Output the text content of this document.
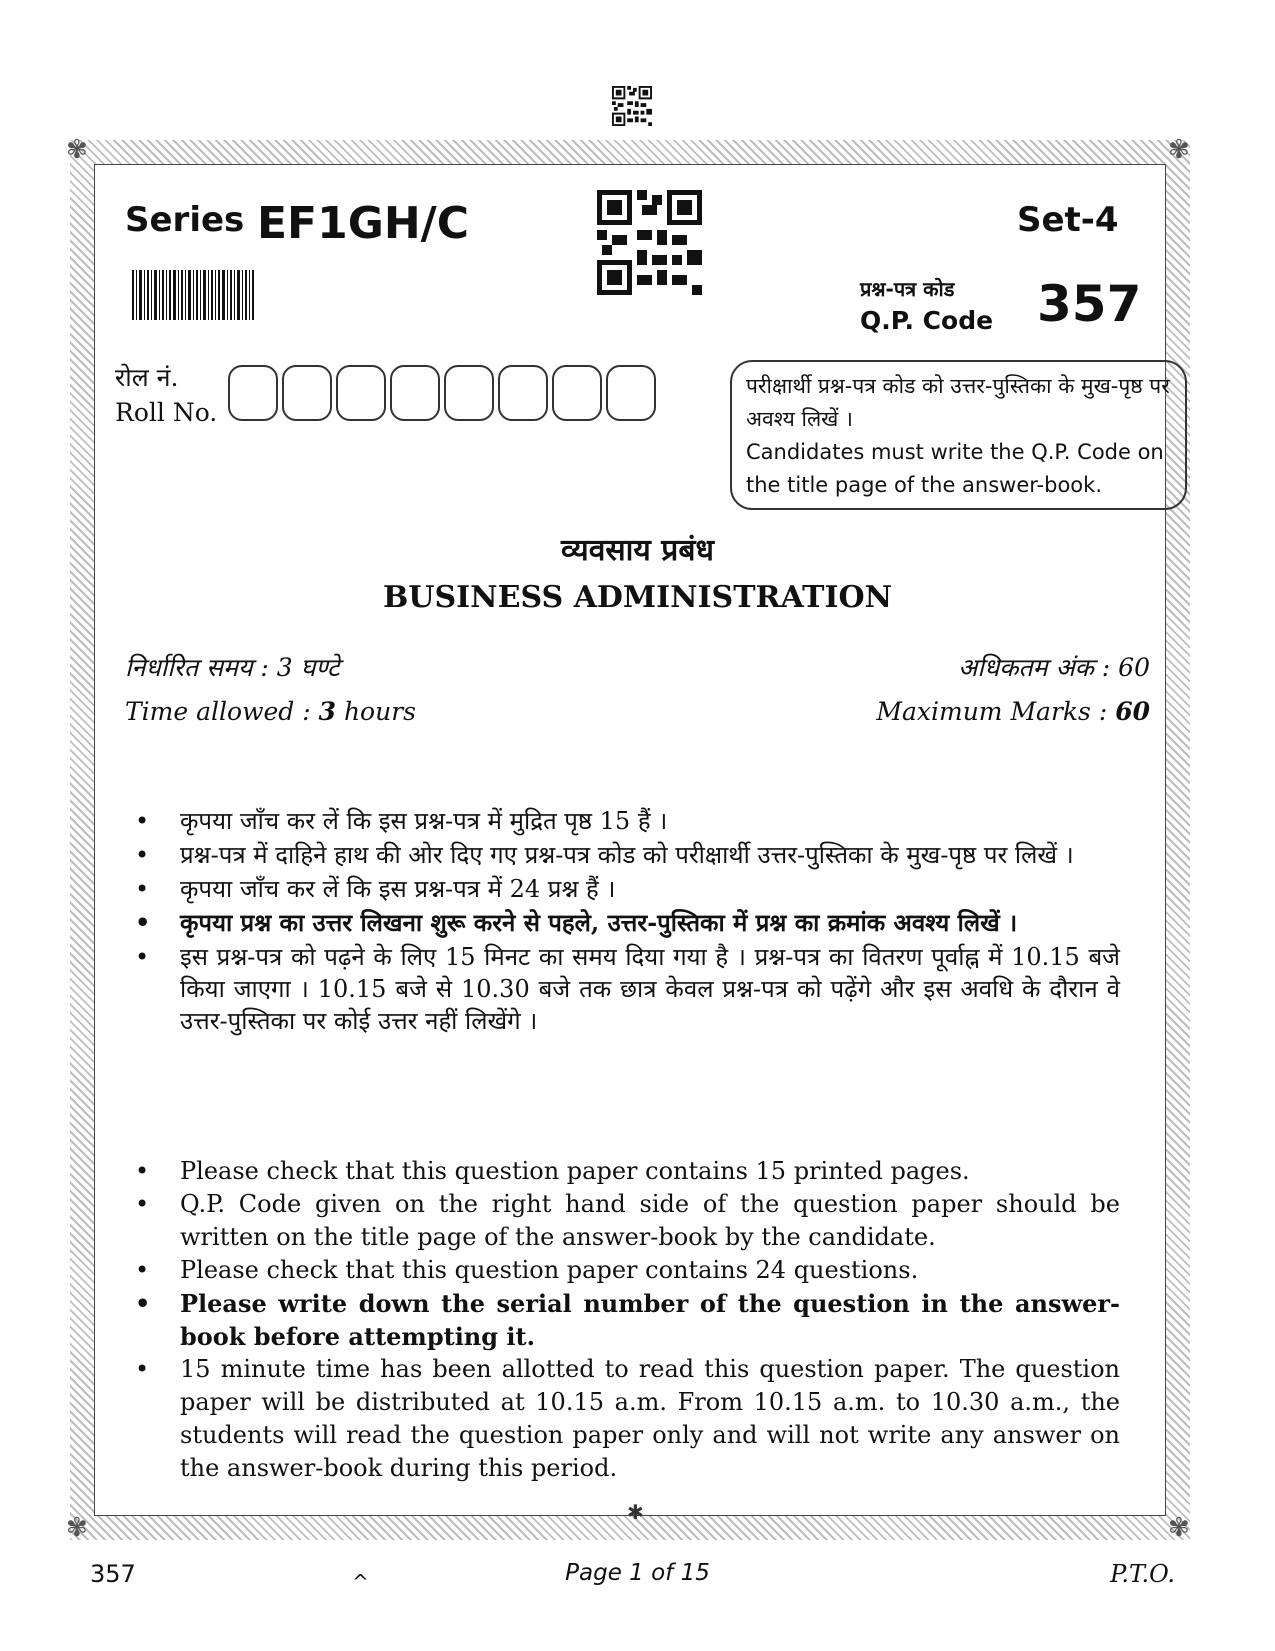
✾	✾
✾	✾
✱
Series EF1GH/C	Set-4
प्रश्न-पत्र कोड
Q.P. Code 357
रोल नं.
Roll No.
परीक्षार्थी प्रश्न-पत्र कोड को उत्तर-पुस्तिका के मुख-पृष्ठ पर अवश्य लिखें ।
Candidates must write the Q.P. Code on the title page of the answer-book.
व्यवसाय प्रबंध
BUSINESS ADMINISTRATION
निर्धारित समय : 3 घण्टे
Time allowed : 3 hours
अधिकतम अंक : 60
Maximum Marks : 60
• कृपया जाँच कर लें कि इस प्रश्न-पत्र में मुद्रित पृष्ठ 15 हैं ।
• प्रश्न-पत्र में दाहिने हाथ की ओर दिए गए प्रश्न-पत्र कोड को परीक्षार्थी उत्तर-पुस्तिका के मुख-पृष्ठ पर लिखें ।
• कृपया जाँच कर लें कि इस प्रश्न-पत्र में 24 प्रश्न हैं ।
• कृपया प्रश्न का उत्तर लिखना शुरू करने से पहले, उत्तर-पुस्तिका में प्रश्न का क्रमांक अवश्य लिखें ।
• इस प्रश्न-पत्र को पढ़ने के लिए 15 मिनट का समय दिया गया है । प्रश्न-पत्र का वितरण पूर्वाह्न में 10.15 बजे किया जाएगा । 10.15 बजे से 10.30 बजे तक छात्र केवल प्रश्न-पत्र को पढ़ेंगे और इस अवधि के दौरान वे उत्तर-पुस्तिका पर कोई उत्तर नहीं लिखेंगे ।
• Please check that this question paper contains 15 printed pages.
• Q.P. Code given on the right hand side of the question paper should be written on the title page of the answer-book by the candidate.
• Please check that this question paper contains 24 questions.
• Please write down the serial number of the question in the answer-book before attempting it.
• 15 minute time has been allotted to read this question paper. The question paper will be distributed at 10.15 a.m. From 10.15 a.m. to 10.30 a.m., the students will read the question paper only and will not write any answer on the answer-book during this period.
357	^	Page 1 of 15	P.T.O.
